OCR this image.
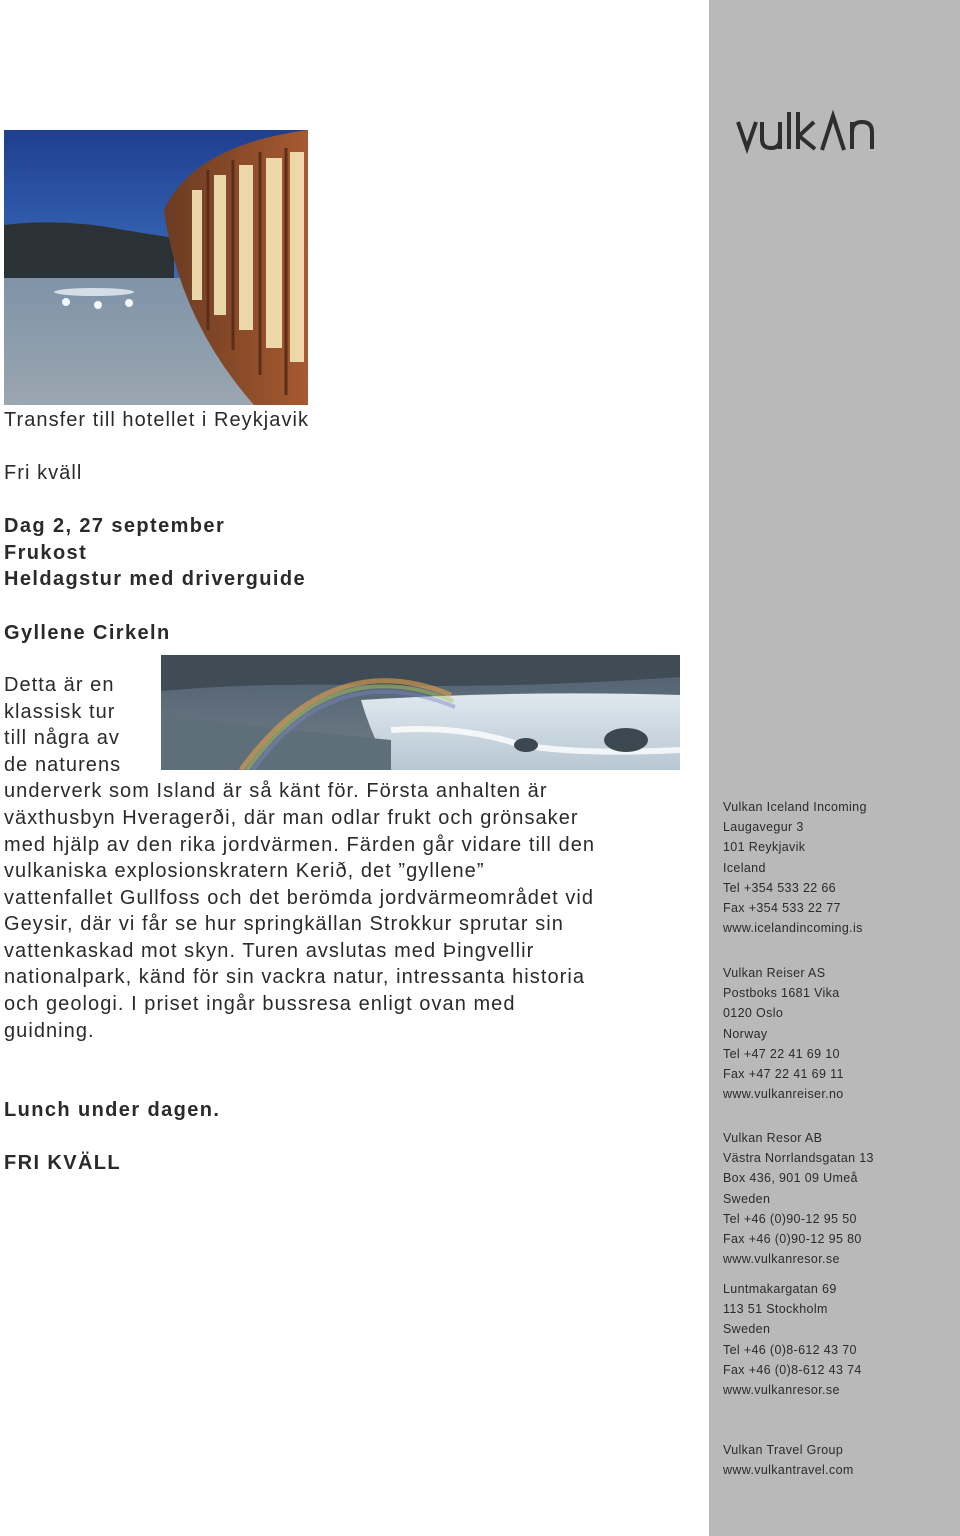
Transfer till hotellet i Reykjavik
Fri kväll
Dag 2, 27 september
Frukost
Heldagstur med driverguide
Gyllene Cirkeln
Detta är en
klassisk tur
till några av
de naturens
underverk som Island är så känt för. Första anhalten är
växthusbyn Hveragerði, där man odlar frukt och grönsaker
med hjälp av den rika jordvärmen. Färden går vidare till den
vulkaniska explosionskratern Kerið, det ”gyllene”
vattenfallet Gullfoss och det berömda jordvärmeområdet vid
Geysir, där vi får se hur springkällan Strokkur sprutar sin
vattenkaskad mot skyn. Turen avslutas med Þingvellir
nationalpark, känd för sin vackra natur, intressanta historia
och geologi. I priset ingår bussresa enligt ovan med
guidning.
Lunch under dagen.
FRI KVÄLL
Vulkan Iceland Incoming
Laugavegur 3
101 Reykjavik
Iceland
Tel +354 533 22 66
Fax +354 533 22 77
www.icelandincoming.is
Vulkan Reiser AS
Postboks 1681 Vika
0120 Oslo
Norway
Tel +47 22 41 69 10
Fax +47 22 41 69 11
www.vulkanreiser.no
Vulkan Resor AB
Västra Norrlandsgatan 13
Box 436, 901 09 Umeå
Sweden
Tel +46 (0)90-12 95 50
Fax +46 (0)90-12 95 80
www.vulkanresor.se
Luntmakargatan 69
113 51 Stockholm
Sweden
Tel +46 (0)8-612 43 70
Fax +46 (0)8-612 43 74
www.vulkanresor.se
Vulkan Travel Group
www.vulkantravel.com
